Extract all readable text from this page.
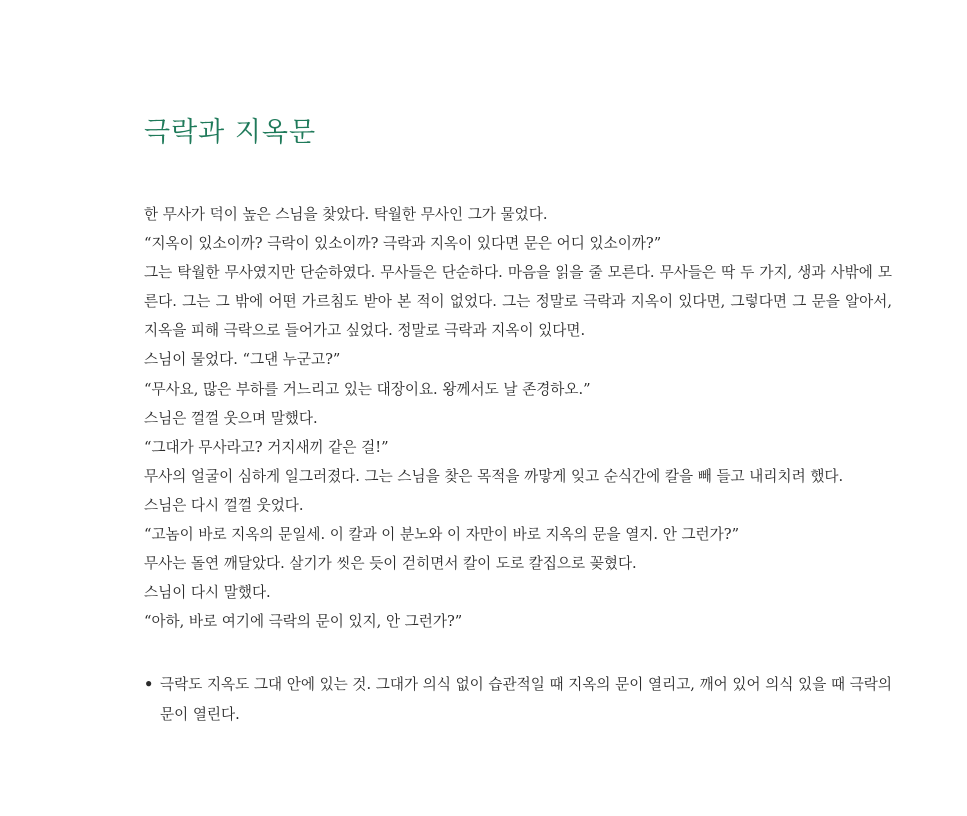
극락과 지옥문

한 무사가 덕이 높은 스님을 찾았다. 탁월한 무사인 그가 물었다.

“지옥이 있소이까? 극락이 있소이까? 극락과 지옥이 있다면 문은 어디 있소이까?”

그는 탁월한 무사였지만 단순하였다. 무사들은 단순하다. 마음을 읽을 줄 모른다. 무사들은 딱 두 가지, 생과 사밖에 모른다. 그는 그 밖에 어떤 가르침도 받아 본 적이 없었다. 그는 정말로 극락과 지옥이 있다면, 그렇다면 그 문을 알아서, 지옥을 피해 극락으로 들어가고 싶었다. 정말로 극락과 지옥이 있다면.

스님이 물었다. “그댄 누군고?”

“무사요, 많은 부하를 거느리고 있는 대장이요. 왕께서도 날 존경하오.”

스님은 껄껄 웃으며 말했다.

“그대가 무사라고? 거지새끼 같은 걸!”

무사의 얼굴이 심하게 일그러졌다. 그는 스님을 찾은 목적을 까맣게 잊고 순식간에 칼을 빼 들고 내리치려 했다.

스님은 다시 껄껄 웃었다.

“고놈이 바로 지옥의 문일세. 이 칼과 이 분노와 이 자만이 바로 지옥의 문을 열지. 안 그런가?”

무사는 돌연 깨달았다. 살기가 씻은 듯이 걷히면서 칼이 도로 칼집으로 꽂혔다.

스님이 다시 말했다.

“아하, 바로 여기에 극락의 문이 있지, 안 그런가?”

• 극락도 지옥도 그대 안에 있는 것. 그대가 의식 없이 습관적일 때 지옥의 문이 열리고, 깨어 있어 의식 있을 때 극락의 문이 열린다.
